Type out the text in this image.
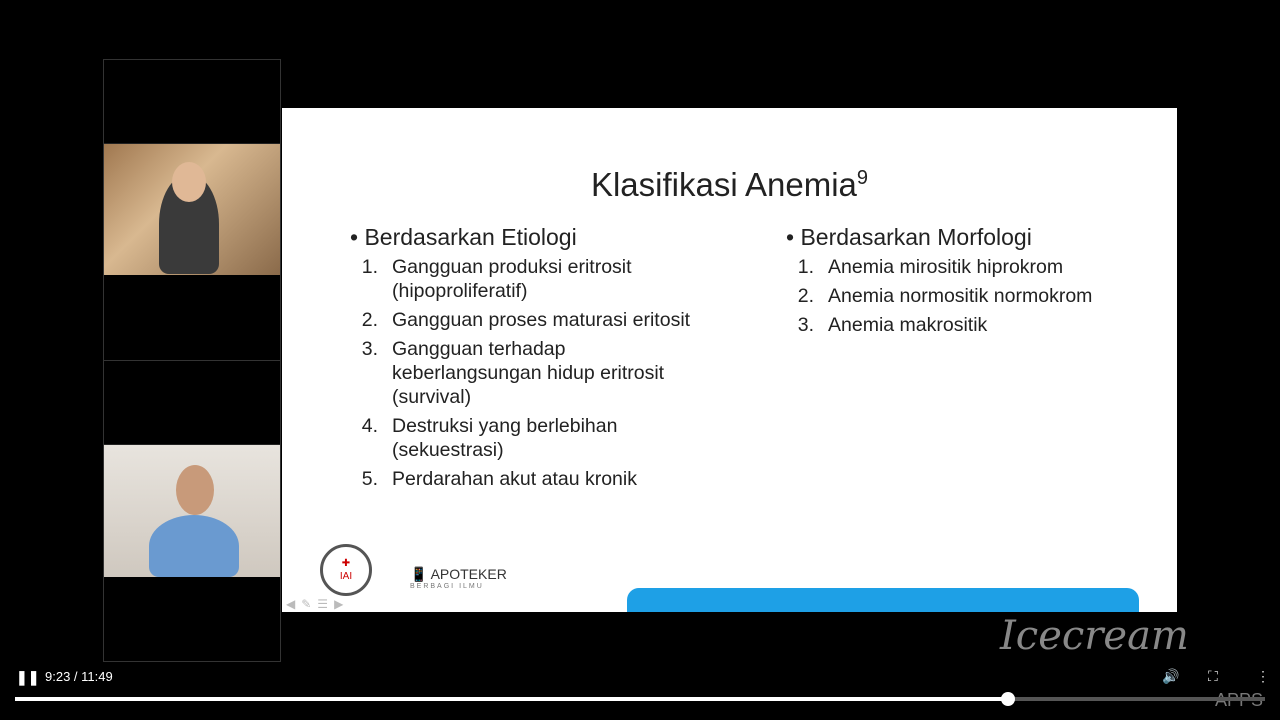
Klasifikasi Anemia$^9$
• Berdasarkan Etiologi
1. Gangguan produksi eritrosit (hipoproliferatif)
2. Gangguan proses maturasi eritosit
3. Gangguan terhadap keberlangsungan hidup eritrosit (survival)
4. Destruksi yang berlebihan (sekuestrasi)
5. Perdarahan akut atau kronik
• Berdasarkan Morfologi
1. Anemia mirositik hiprokrom
2. Anemia normositik normokrom
3. Anemia makrositik
✚
IAI	📱 APOTEKER
BERBAGI ILMU
◀ ✎ ☰ ▶
Icecream
❚❚ 9:23 / 11:49	🔊 ⛶	⋮
